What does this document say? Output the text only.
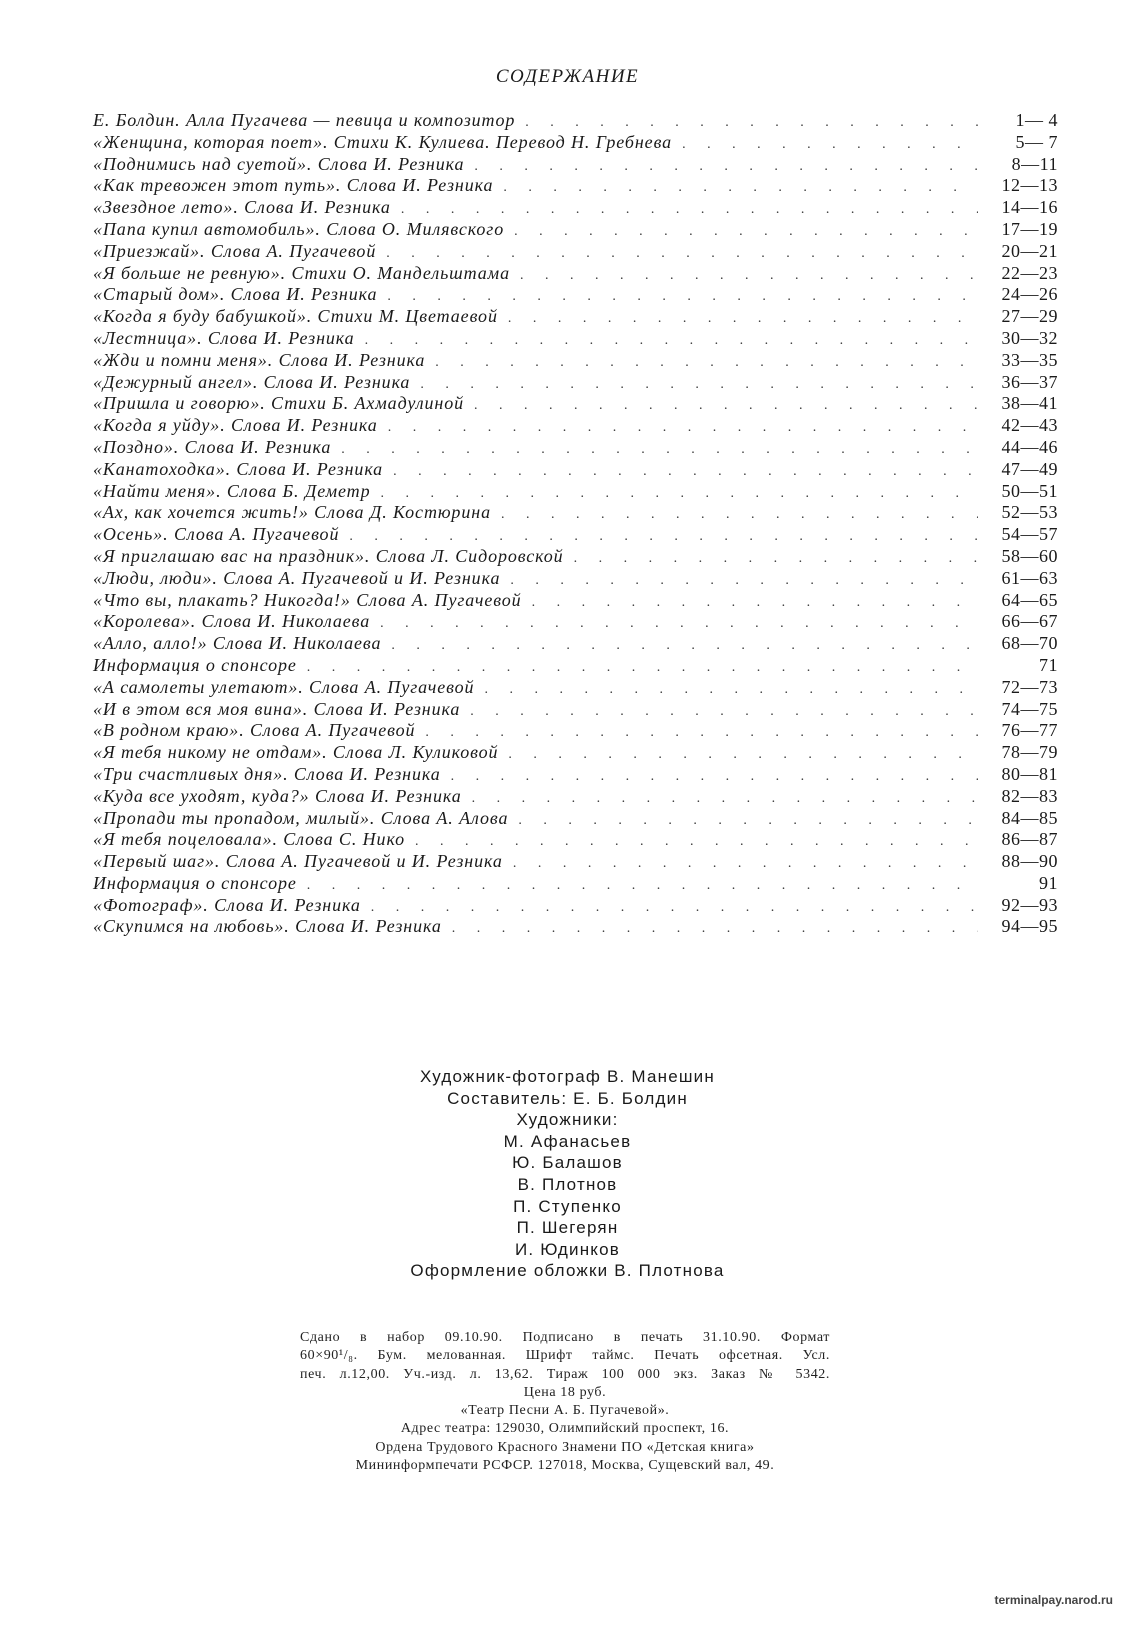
СОДЕРЖАНИЕ
Е. Болдин. Алла Пугачева — певица и композитор . . .	1— 4
«Женщина, которая поет». Стихи К. Кулиева. Перевод Н. Гребнева . . .	5— 7
«Поднимись над суетой». Слова И. Резника . . .	8—11
«Как тревожен этот путь». Слова И. Резника . . .	12—13
«Звездное лето». Слова И. Резника . . .	14—16
«Папа купил автомобиль». Слова О. Милявского . . .	17—19
«Приезжай». Слова А. Пугачевой . . .	20—21
«Я больше не ревную». Стихи О. Мандельштама . . .	22—23
«Старый дом». Слова И. Резника . . .	24—26
«Когда я буду бабушкой». Стихи М. Цветаевой . . .	27—29
«Лестница». Слова И. Резника . . .	30—32
«Жди и помни меня». Слова И. Резника . . .	33—35
«Дежурный ангел». Слова И. Резника . . .	36—37
«Пришла и говорю». Стихи Б. Ахмадулиной . . .	38—41
«Когда я уйду». Слова И. Резника . . .	42—43
«Поздно». Слова И. Резника . . .	44—46
«Канатоходка». Слова И. Резника . . .	47—49
«Найти меня». Слова Б. Деметр . . .	50—51
«Ах, как хочется жить!» Слова Д. Костюрина . . .	52—53
«Осень». Слова А. Пугачевой . . .	54—57
«Я приглашаю вас на праздник». Слова Л. Сидоровской . . .	58—60
«Люди, люди». Слова А. Пугачевой и И. Резника . . .	61—63
«Что вы, плакать? Никогда!» Слова А. Пугачевой . . .	64—65
«Королева». Слова И. Николаева . . .	66—67
«Алло, алло!» Слова И. Николаева . . .	68—70
Информация о спонсоре . . .	71
«А самолеты улетают». Слова А. Пугачевой . . .	72—73
«И в этом вся моя вина». Слова И. Резника . . .	74—75
«В родном краю». Слова А. Пугачевой . . .	76—77
«Я тебя никому не отдам». Слова Л. Куликовой . . .	78—79
«Три счастливых дня». Слова И. Резника . . .	80—81
«Куда все уходят, куда?» Слова И. Резника . . .	82—83
«Пропади ты пропадом, милый». Слова А. Алова . . .	84—85
«Я тебя поцеловала». Слова С. Нико . . .	86—87
«Первый шаг». Слова А. Пугачевой и И. Резника . . .	88—90
Информация о спонсоре . . .	91
«Фотограф». Слова И. Резника . . .	92—93
«Скупимся на любовь». Слова И. Резника . . .	94—95
Художник-фотограф В. Манешин
Составитель: Е. Б. Болдин
Художники:
М. Афанасьев
Ю. Балашов
В. Плотнов
П. Ступенко
П. Шегерян
И. Юдинков
Оформление обложки В. Плотнова
Сдано в набор 09.10.90. Подписано в печать 31.10.90. Формат
60×90¹/₈. Бум. мелованная. Шрифт таймс. Печать офсетная. Усл.
печ. л.12,00. Уч.-изд. л. 13,62. Тираж 100 000 экз. Заказ № 5342.
Цена 18 руб.
«Театр Песни А. Б. Пугачевой».
Адрес театра: 129030, Олимпийский проспект, 16.
Ордена Трудового Красного Знамени ПО «Детская книга»
Мининформпечати РСФСР. 127018, Москва, Сущевский вал, 49.
terminalpay.narod.ru
